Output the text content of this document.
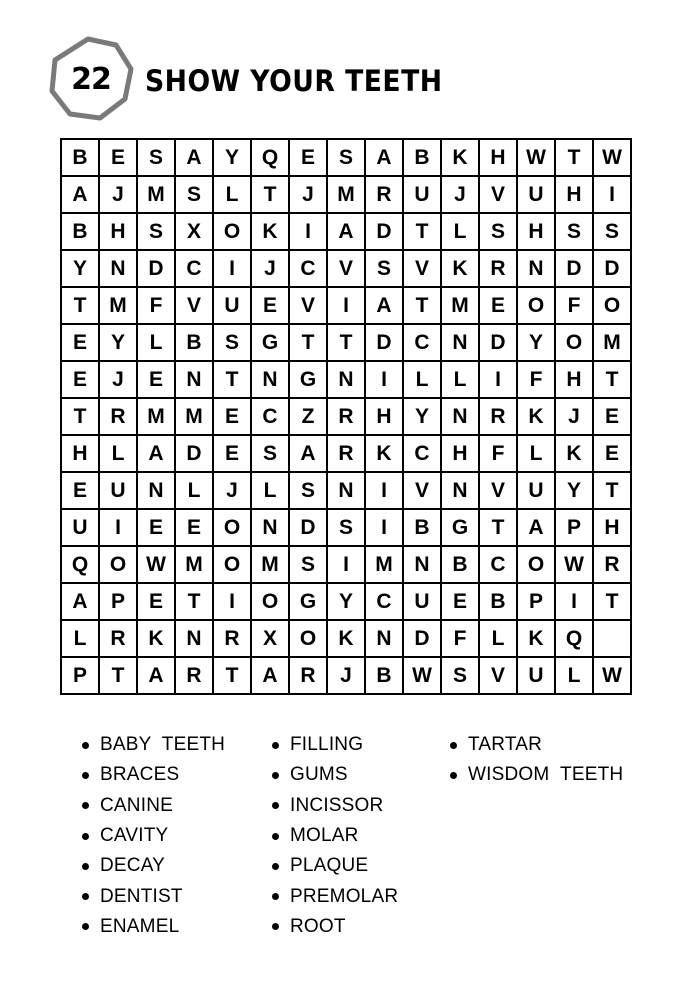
22	SHOW YOUR TEETH
B E S A Y Q E S A B K H W T W
A J M S L T J M R U J V U H I
B H S X O K I A D T L S H S S
Y N D C I J C V S V K R N D D
T M F V U E V I A T M E O F O
E Y L B S G T T D C N D Y O M
E J E N T N G N I L L I F H T
T R M M E C Z R H Y N R K J E
H L A D E S A R K C H F L K E
E U N L J L S N I V N V U Y T
U I E E O N D S I B G T A P H
Q O W M O M S I M N B C O W R
A P E T I O G Y C U E B P I T
L R K N R X O K N D F L K Q
P T A R T A R J B W S V U L W
BABY  TEETH
BRACES
CANINE
CAVITY
DECAY
DENTIST
ENAMEL
FILLING
GUMS
INCISSOR
MOLAR
PLAQUE
PREMOLAR
ROOT
TARTAR
WISDOM  TEETH
